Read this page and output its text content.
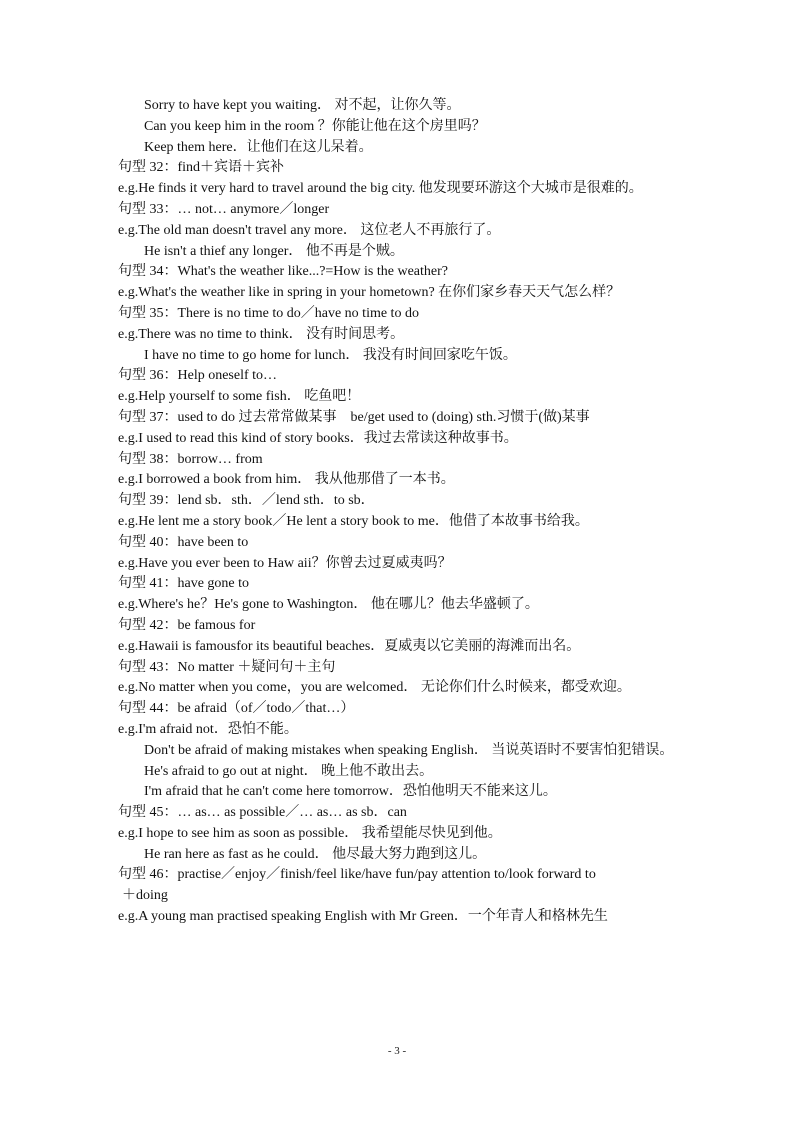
Sorry to have kept you waiting． 对不起，让你久等。
Can you keep him in the room ？你能让他在这个房里吗？
Keep them here．让他们在这儿呆着。
句型 32：find＋宾语＋宾补
e.g.He finds it very hard to travel around the big city. 他发现要环游这个大城市是很难的。
句型 33：… not… anymore／longer
e.g.The old man doesn't travel any more． 这位老人不再旅行了。
He isn't a thief any longer． 他不再是个贼。
句型 34：What's the weather like...?=How is the weather?
e.g.What's the weather like in spring in your hometown? 在你们家乡春天天气怎么样？
句型 35：There is no time to do／have no time to do
e.g.There was no time to think． 没有时间思考。
I have no time to go home for lunch． 我没有时间回家吃午饭。
句型 36：Help oneself to…
e.g.Help yourself to some fish． 吃鱼吧！
句型 37：used to do 过去常常做某事　be/get used to (doing) sth.习惯于(做)某事
e.g.I used to read this kind of story books．我过去常读这种故事书。
句型 38：borrow… from
e.g.I borrowed a book from him． 我从他那借了一本书。
句型 39：lend sb．sth．／lend sth．to sb．
e.g.He lent me a story book／He lent a story book to me．他借了本故事书给我。
句型 40：have been to
e.g.Have you ever been to Haw aii？你曾去过夏威夷吗？
句型 41：have gone to
e.g.Where's he？He's gone to Washington． 他在哪儿？他去华盛顿了。
句型 42：be famous for
e.g.Hawaii is famousfor its beautiful beaches．夏威夷以它美丽的海滩而出名。
句型 43：No matter ＋疑问句＋主句
e.g.No matter when you come，you are welcomed． 无论你们什么时候来，都受欢迎。
句型 44：be afraid（of／todo／that…）
e.g.I'm afraid not．恐怕不能。
Don't be afraid of making mistakes when speaking English． 当说英语时不要害怕犯错误。
He's afraid to go out at night． 晚上他不敢出去。
I'm afraid that he can't come here tomorrow．恐怕他明天不能来这儿。
句型 45：… as… as possible／… as… as sb．can
e.g.I hope to see him as soon as possible． 我希望能尽快见到他。
He ran here as fast as he could． 他尽最大努力跑到这儿。
句型 46：practise／enjoy／finish/feel like/have fun/pay attention to/look forward to
＋doing
e.g.A young man practised speaking English with Mr Green．一个年青人和格林先生
- 3 -
